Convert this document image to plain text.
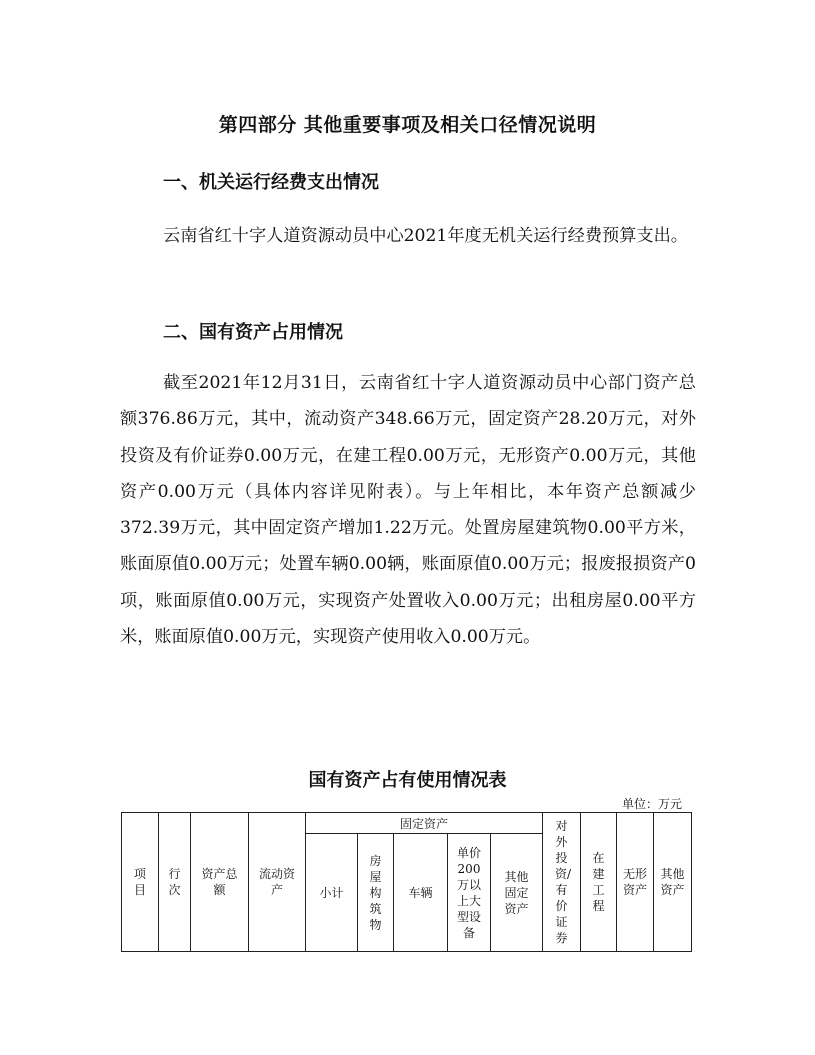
第四部分 其他重要事项及相关口径情况说明
一、机关运行经费支出情况

云南省红十字人道资源动员中心2021年度无机关运行经费预算支出。

二、国有资产占用情况

截至2021年12月31日，云南省红十字人道资源动员中心部门资产总额376.86万元，其中，流动资产348.66万元，固定资产28.20万元，对外投资及有价证券0.00万元，在建工程0.00万元，无形资产0.00万元，其他资产0.00万元（具体内容详见附表）。与上年相比，本年资产总额减少372.39万元，其中固定资产增加1.22万元。处置房屋建筑物0.00平方米，账面原值0.00万元；处置车辆0.00辆，账面原值0.00万元；报废报损资产0项，账面原值0.00万元，实现资产处置收入0.00万元；出租房屋0.00平方米，账面原值0.00万元，实现资产使用收入0.00万元。

国有资产占有使用情况表
单位：万元
项目	行次	资产总额	流动资产	固定资产					对外投资/有价证券	在建工程	无形资产	其他资产
				小计	房屋构筑物	车辆	单价200万以上大型设备	其他固定资产				
